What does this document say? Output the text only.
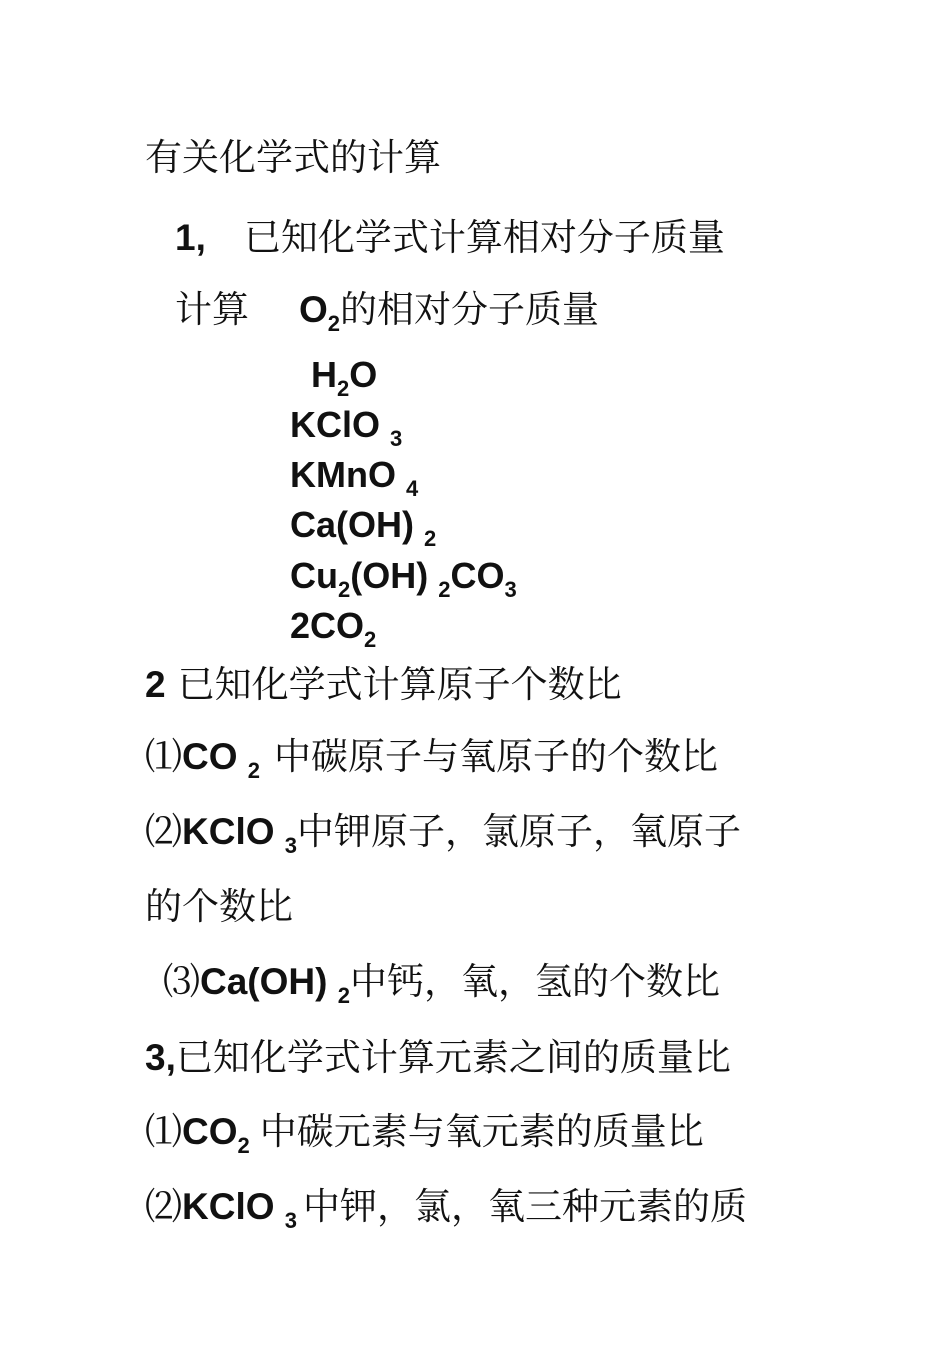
有关化学式的计算
1, 已知化学式计算相对分子质量
计算 $O_2$的相对分子质量
$H_2O$
KClO $_3$
KMnO $_4$
Ca(OH) $_2$
$Cu_2(OH)$ $_2CO_3$
$2CO_2$
2 已知化学式计算原子个数比
⑴CO $_2$ 中碳原子与氧原子的个数比
⑵KClO $_3$中钾原子，氯原子，氧原子
的个数比
⑶Ca(OH) $_2$中钙，氧，氢的个数比
3,已知化学式计算元素之间的质量比
$⑴CO_2$ 中碳元素与氧元素的质量比
⑵KClO $_3$ 中钾，氯，氧三种元素的质
